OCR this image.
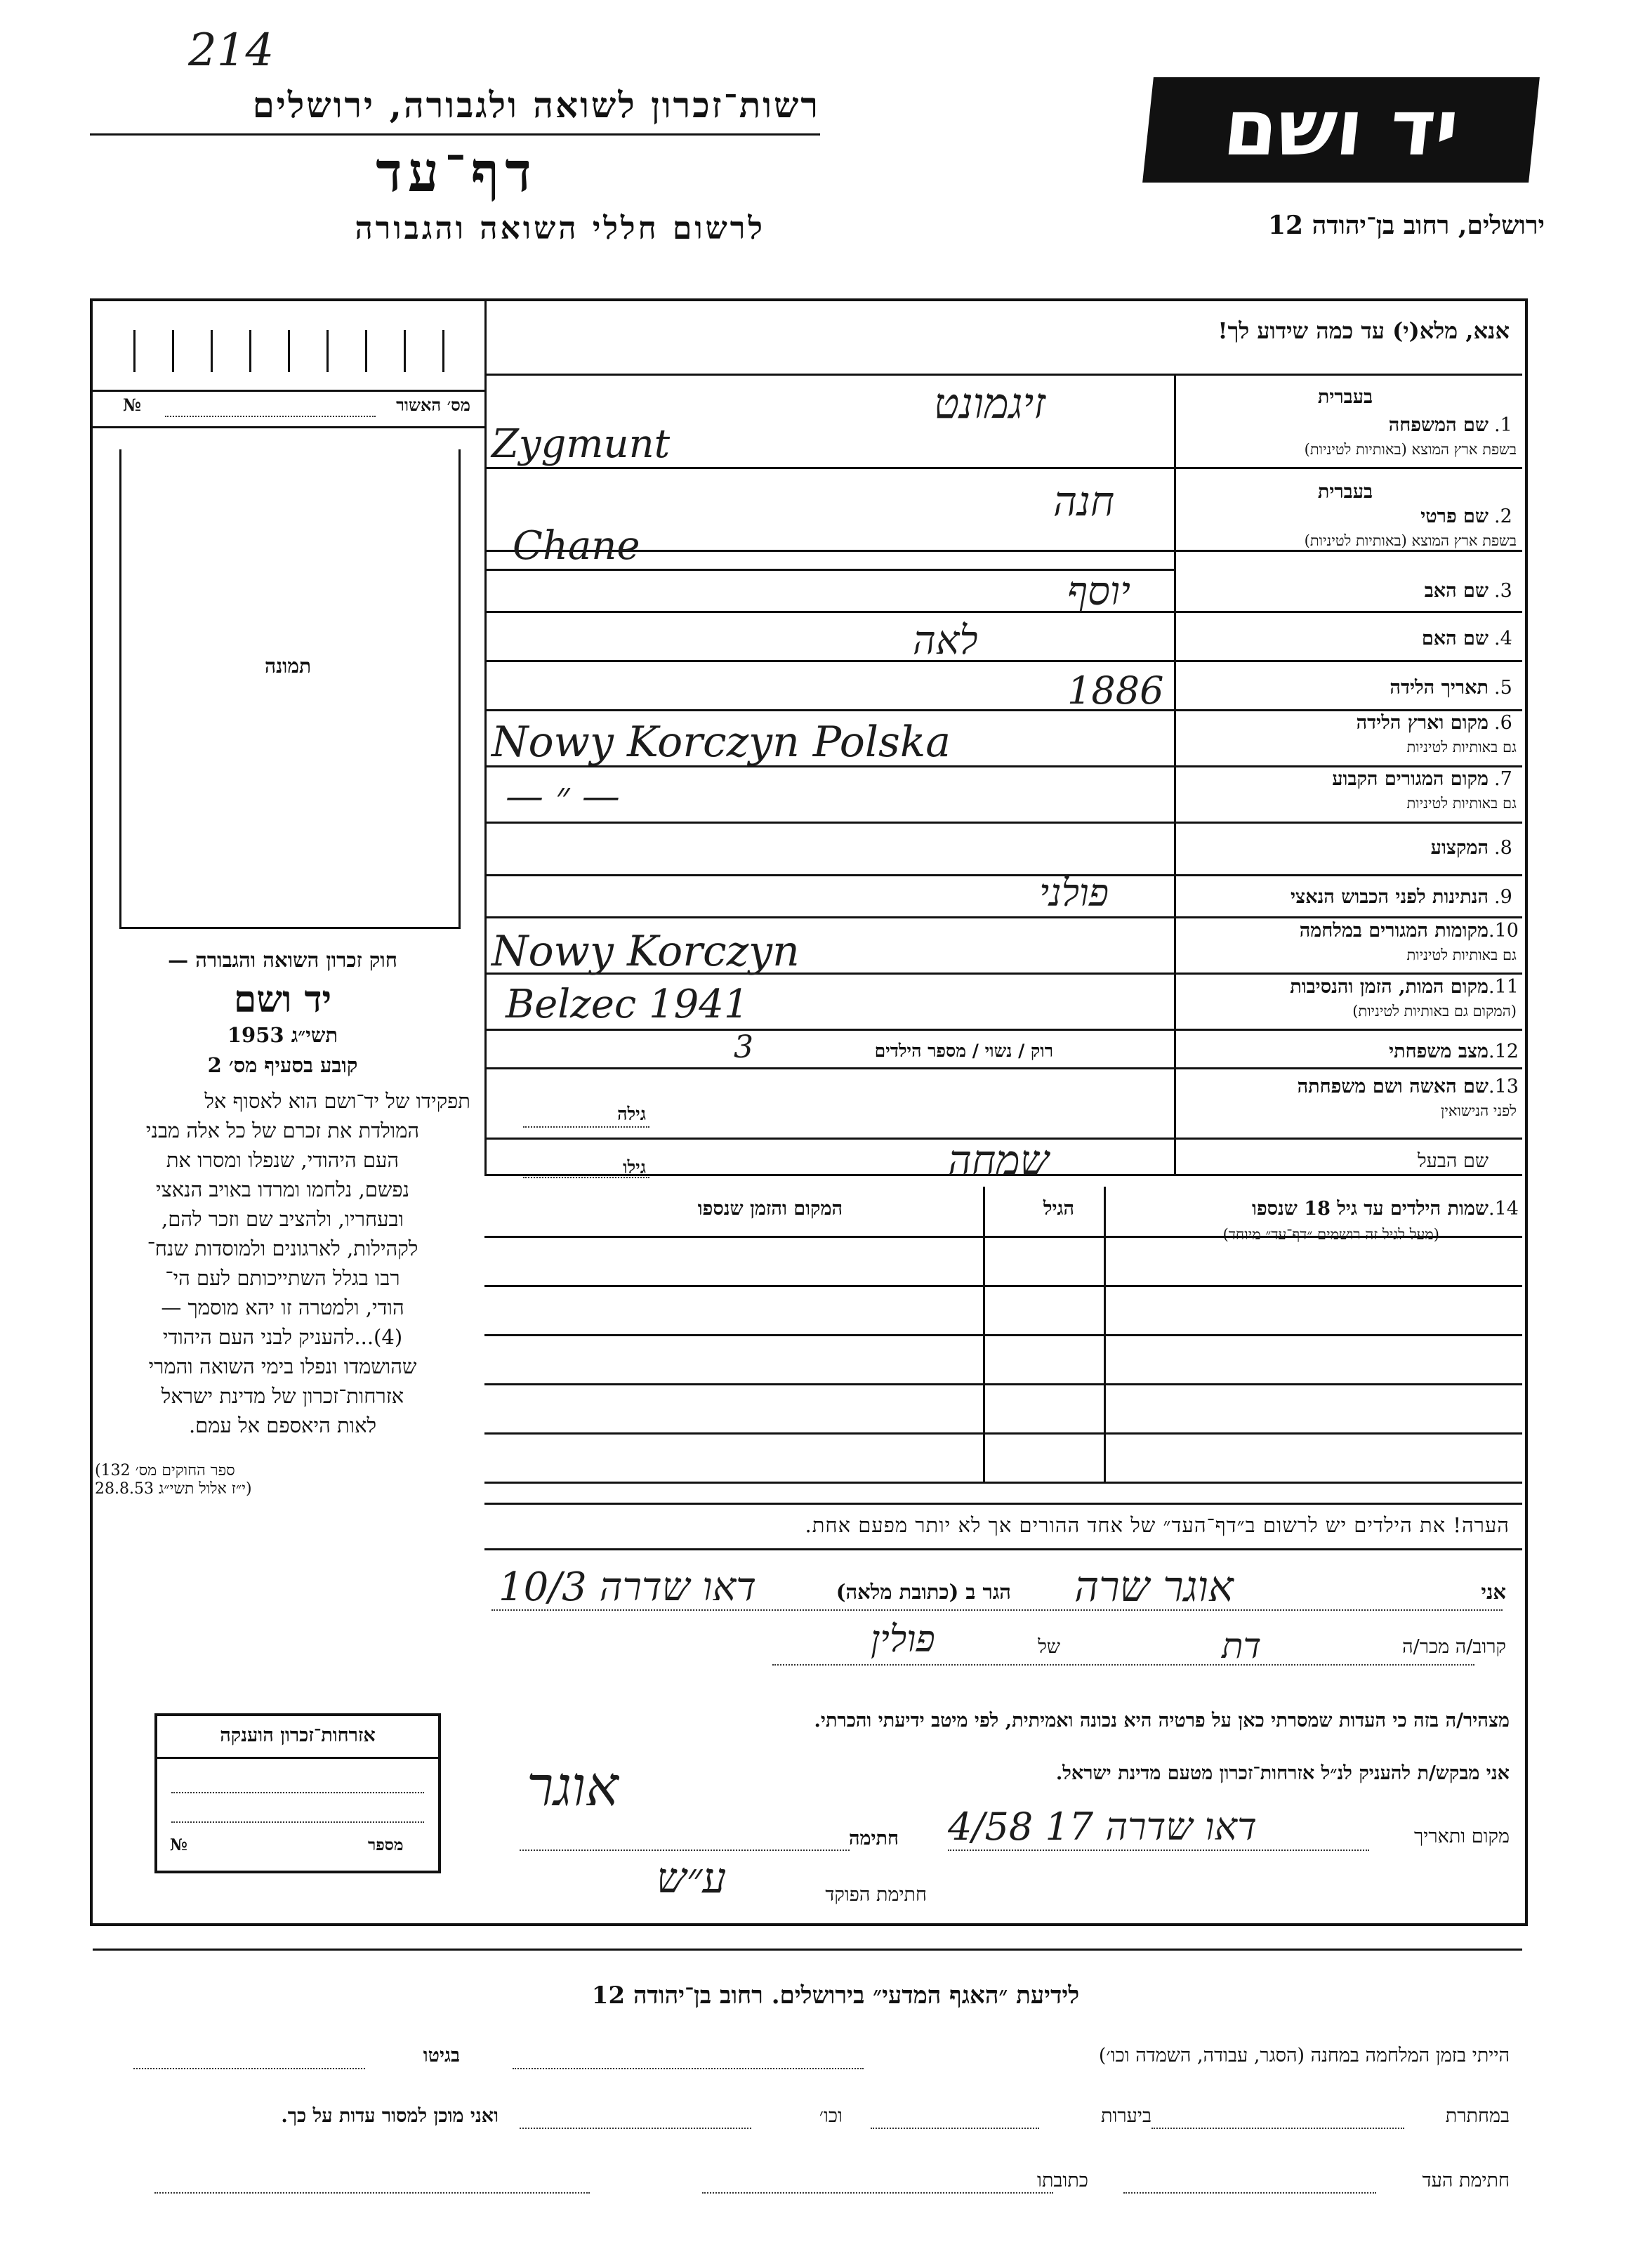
214
רשות־זכרון לשואה ולגבורה, ירושלים
דף־עד
לרשום חללי השואה והגבורה
יד ושם
ירושלים, רחוב בן־יהודה 12
אנא, מלא(י) עד כמה שידוע לך!
מס׳ האשור
№
תמונה
1.
שם המשפחה
בשפת ארץ המוצא (באותיות לטיניות)
בעברית
זיגמונט
Zygmunt
2.
שם פרטי
בשפת ארץ המוצא (באותיות לטיניות)
בעברית
חנה
Chane
3.
שם האב
יוסף
4.
שם האם
לאה
5.
תאריך הלידה
1886
6.
מקום וארץ הלידה
גם באותיות לטיניות
Nowy Korczyn Polska
7.
מקום המגורים הקבוע
גם באותיות לטיניות
— ״ —
8.
המקצוע
9.
הנתינות לפני הכבוש הנאצי
פולני
10.
מקומות המגורים במלחמה
גם באותיות לטיניות
Nowy Korczyn
11.
מקום המות, הזמן והנסיבות
(המקום גם באותיות לטיניות)
Belzec 1941
12.
מצב משפחתי
רוק / נשוי / מספר הילדים
3
13.
שם האשה ושם משפחתה
לפני הנישואין
גילה
שם הבעל
גילו	שמחה
14.
שמות הילדים עד גיל 18 שנספו
(מעל לגיל זה רושמים ״דף־עד״ מיוחד)
הגיל
המקום והזמן שנספו
חוק זכרון השואה והגבורה —
יד ושם
תשי״ג 1953
קובע בסעיף מס׳ 2
תפקידו של יד־ושם הוא לאסוף אל
המולדת את זכרם של כל אלה מבני
העם היהודי, שנפלו ומסרו את
נפשם, נלחמו ומרדו באויב הנאצי
ובעחריו, ולהציב שם וזכר להם,
לקהילות, לארגונים ולמוסדות שנח־
רבו בגלל השתייכותם לעם הי־
הודי, ולמטרה זו יהא מוסמך —
(4)...להעניק לבני העם היהודי
שהושמדו ונפלו בימי השואה והמרי
אזרחות־זכרון של מדינת ישראל
לאות היאספם אל עמם.
(ספר החוקים מס׳ 132
י״ז אלול תשי״ג 28.8.53)
הערה! את הילדים יש לרשום ב״דף־העד״ של אחד ההורים אך לא יותר מפעם אחת.
אני
אוגר שרה
הגר ב (כתובת מלאה)
דאו שדרה 10/3
קרוב/ה מכר/ה
דת
של
פולין
מצהיר/ה בזה כי העדות שמסרתי כאן על פרטיה היא נכונה ואמיתית, לפי מיטב ידיעתי והכרתי.
אני מבקש/ת להעניק לנ״ל אזרחות־זכרון מטעם מדינת ישראל.
אוגר
מקום ותאריך
דאו שדרה 17 4/58
חתימה
ע״ש	חתימת הפוקד
אזרחות־זכרון הוענקה
מספר
№
לידיעת ״האגף המדעי״ בירושלים. רחוב בן־יהודה 12
הייתי בזמן המלחמה במחנה (הסגר, עבודה, השמדה וכו׳)
בגיטו
במחתרת
ביערות
וכו׳
ואני מוכן למסור עדות על כך.
חתימת העד
כתובתו
